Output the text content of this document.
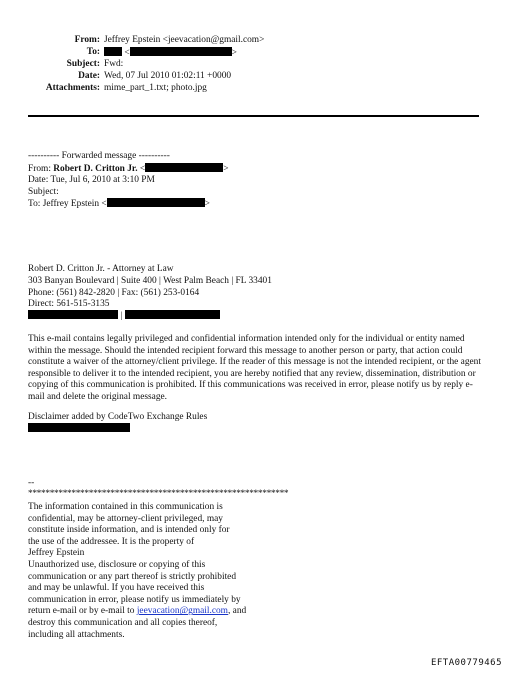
From: Jeffrey Epstein <jeevacation@gmail.com>
To:	<	>
Subject: Fwd:
Date: Wed, 07 Jul 2010 01:02:11 +0000
Attachments: mime_part_1.txt; photo.jpg
---------- Forwarded message ----------
From: Robert D. Critton Jr. <	>
Date: Tue, Jul 6, 2010 at 3:10 PM
Subject:
To: Jeffrey Epstein <	>
Robert D. Critton Jr. - Attorney at Law
303 Banyan Boulevard | Suite 400 | West Palm Beach | FL 33401
Phone: (561) 842-2820 | Fax: (561) 253-0164
Direct: 561-515-3135
|
This e-mail contains legally privileged and confidential information intended only for the individual or entity named within the message. Should the intended recipient forward this message to another person or party, that action could constitute a waiver of the attorney/client privilege. If the reader of this message is not the intended recipient, or the agent responsible to deliver it to the intended recipient, you are hereby notified that any review, dissemination, distribution or copying of this communication is prohibited. If this communications was received in error, please notify us by reply e-mail and delete the original message.
Disclaimer added by CodeTwo Exchange Rules
--
************************************************************
The information contained in this communication is
confidential, may be attorney-client privileged, may
constitute inside information, and is intended only for
the use of the addressee. It is the property of
Jeffrey Epstein
Unauthorized use, disclosure or copying of this
communication or any part thereof is strictly prohibited
and may be unlawful. If you have received this
communication in error, please notify us immediately by
return e-mail or by e-mail to jeevacation@gmail.com, and
destroy this communication and all copies thereof,
including all attachments.
EFTA00779465
